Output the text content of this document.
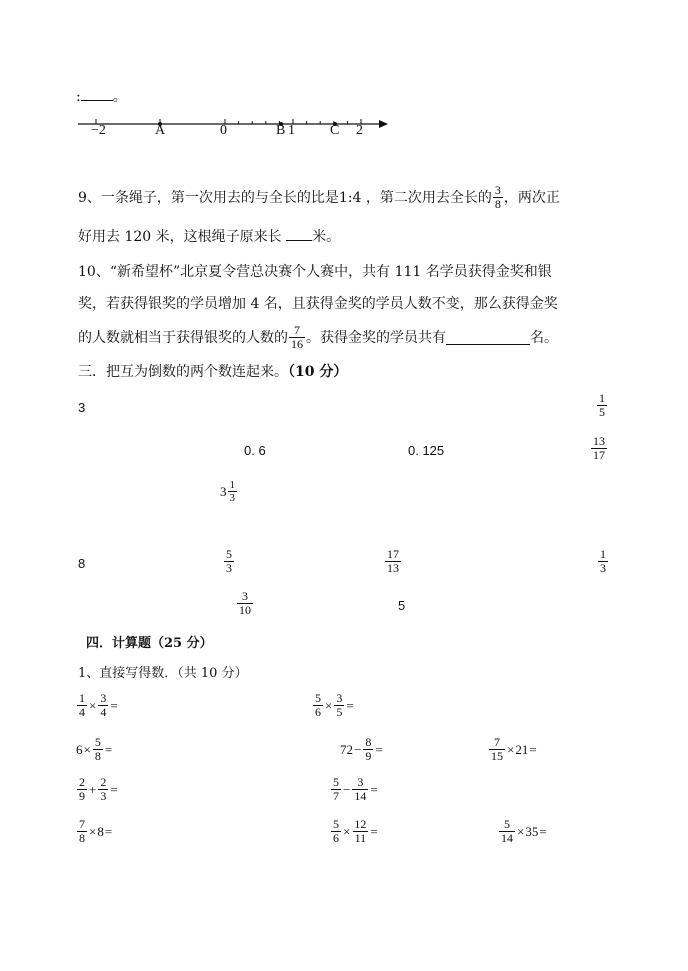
: 。
−2	A	0	B 1	C 2
9、一条绳子，第一次用去的与全长的比是1:4 ，第二次用去全长的 $\frac{3}{8}$ ，两次正
好用去 120 米，这根绳子原来长 米。
10、“新希望杯”北京夏令营总决赛个人赛中，共有 111 名学员获得金奖和银
奖，若获得银奖的学员增加 4 名，且获得金奖的学员人数不变，那么获得金奖
的人数就相当于获得银奖的人数的 $\frac{7}{16}$ 。获得金奖的学员共有	名。
三．把互为倒数的两个数连起来。（10 分）
3	$\frac{1}{5}$
0. 6	0. 125	$\frac{13}{17}$
$3 \frac{1}{3}$
8	$\frac{5}{3}$	$\frac{17}{13}$	$\frac{1}{3}$
$\frac{3}{10}$	5
四．计算题（25 分）
1、直接写得数．（共 10 分）
$\frac{1}{4} \times \frac{3}{4}$ =	$\frac{5}{6} \times \frac{3}{5}$ =
$6 \times \frac{5}{8}$ =	$72 - \frac{8}{9}$ =	$\frac{7}{15} \times 21$ =
$\frac{2}{9} + \frac{2}{3}$ =	$\frac{5}{7} - \frac{3}{14}$ =
$\frac{7}{8} \times 8$ =	$\frac{5}{6} \times \frac{12}{11}$ =	$\frac{5}{14} \times 35$ =
